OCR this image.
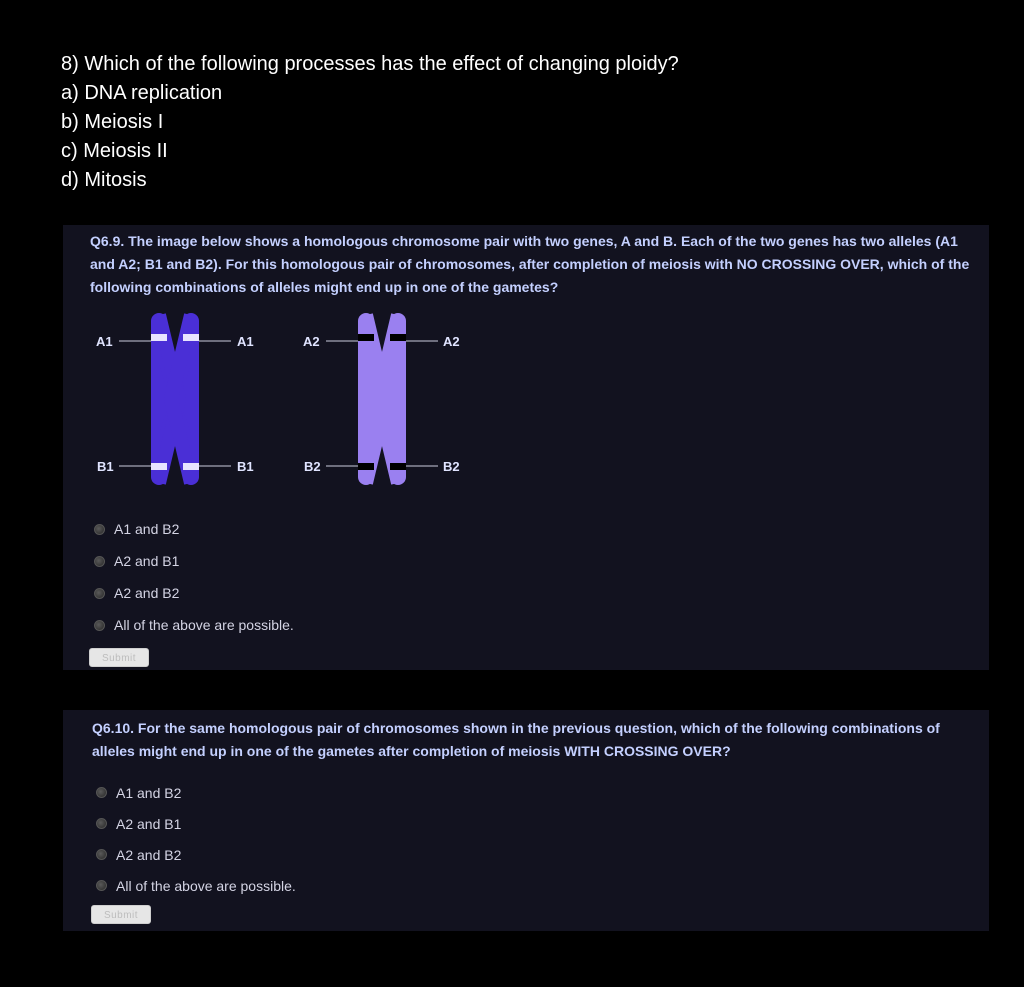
8) Which of the following processes has the effect of changing ploidy?
a) DNA replication
b) Meiosis I
c) Meiosis II
d) Mitosis
Q6.9. The image below shows a homologous chromosome pair with two genes, A and B. Each of the two genes has two alleles (A1 and A2; B1 and B2). For this homologous pair of chromosomes, after completion of meiosis with NO CROSSING OVER, which of the following combinations of alleles might end up in one of the gametes?
A1	A1
B1	B1
A2	A2
B2	B2
A1 and B2
A2 and B1
A2 and B2
All of the above are possible.
Submit
Q6.10. For the same homologous pair of chromosomes shown in the previous question, which of the following combinations of alleles might end up in one of the gametes after completion of meiosis WITH CROSSING OVER?
A1 and B2
A2 and B1
A2 and B2
All of the above are possible.
Submit
